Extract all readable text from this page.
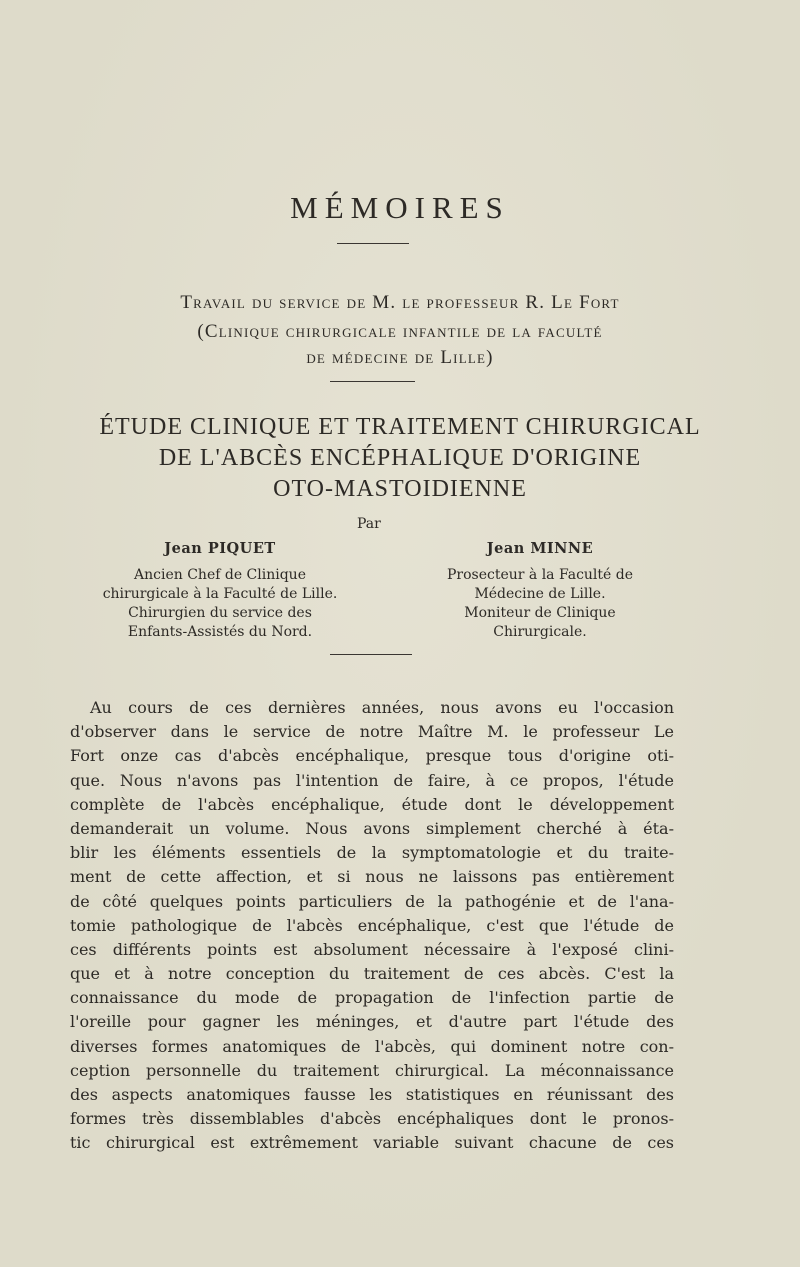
MÉMOIRES
Travail du service de M. le professeur R. Le Fort
(Clinique chirurgicale infantile de la faculté
de médecine de Lille)
ÉTUDE CLINIQUE ET TRAITEMENT CHIRURGICAL
DE L'ABCÈS ENCÉPHALIQUE D'ORIGINE
OTO-MASTOIDIENNE
Par
Jean PIQUET
Ancien Chef de Clinique
chirurgicale à la Faculté de Lille.
Chirurgien du service des
Enfants-Assistés du Nord.
Jean MINNE
Prosecteur à la Faculté de
Médecine de Lille.
Moniteur de Clinique
Chirurgicale.
Au cours de ces dernières années, nous avons eu l'occasion
d'observer dans le service de notre Maître M. le professeur Le
Fort onze cas d'abcès encéphalique, presque tous d'origine oti-
que. Nous n'avons pas l'intention de faire, à ce propos, l'étude
complète de l'abcès encéphalique, étude dont le développement
demanderait un volume. Nous avons simplement cherché à éta-
blir les éléments essentiels de la symptomatologie et du traite-
ment de cette affection, et si nous ne laissons pas entièrement
de côté quelques points particuliers de la pathogénie et de l'ana-
tomie pathologique de l'abcès encéphalique, c'est que l'étude de
ces différents points est absolument nécessaire à l'exposé clini-
que et à notre conception du traitement de ces abcès. C'est la
connaissance du mode de propagation de l'infection partie de
l'oreille pour gagner les méninges, et d'autre part l'étude des
diverses formes anatomiques de l'abcès, qui dominent notre con-
ception personnelle du traitement chirurgical. La méconnaissance
des aspects anatomiques fausse les statistiques en réunissant des
formes très dissemblables d'abcès encéphaliques dont le pronos-
tic chirurgical est extrêmement variable suivant chacune de ces
